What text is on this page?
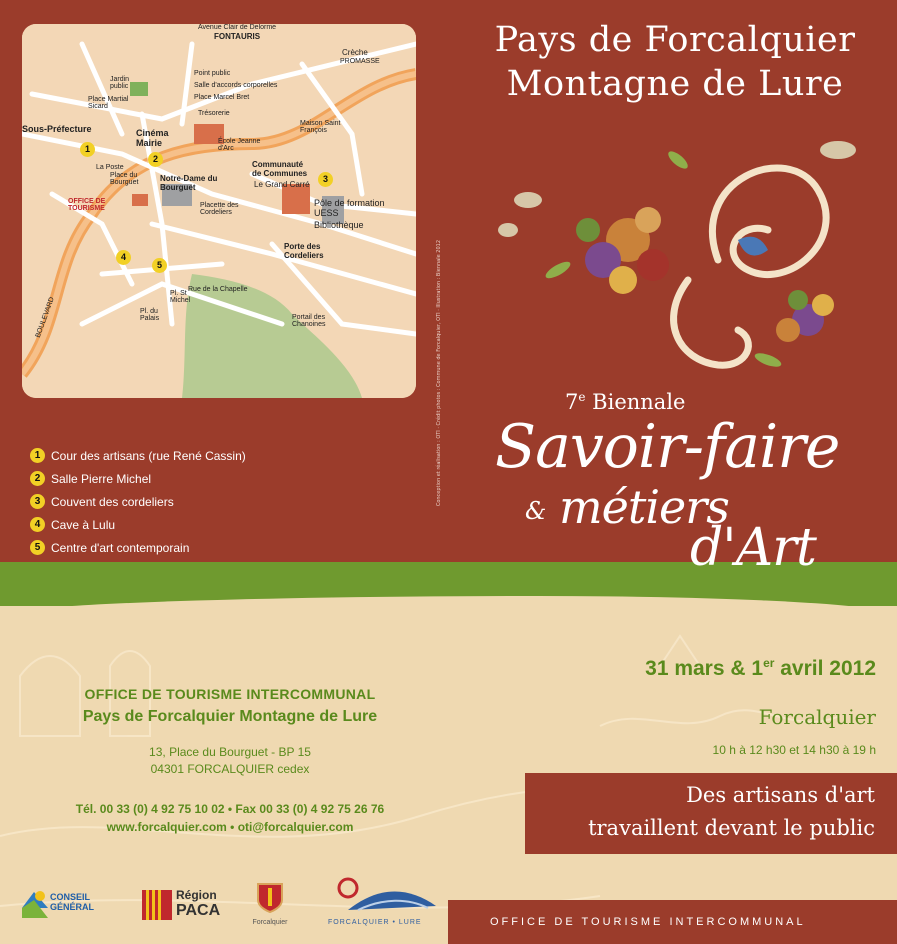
FONTAURIS
Avenue Clair de Delorme
Crèche
PROMASSE
Jardin public
Place Martial Sicard
Point public
Salle d'accords corporelles
Place Marcel Bret
Trésorerie
Sous-Préfecture	Cinéma
Mairie
Maison Saint François
École Jeanne d'Arc
Communauté de Communes
Le Grand Carré
Pôle de formation UESS
Bibliothèque
La Poste
Place du Bourguet	Notre-Dame du Bourguet
OFFICE DE TOURISME	Placette des Cordeliers
Porte des Cordeliers
Pl. St Michel
Pl. du Palais
BOULEVARD
Rue de la Chapelle
Portail des Chanoines
1
2
3
4
5
1 Cour des artisans (rue René Cassin)
2 Salle Pierre Michel
3 Couvent des cordeliers
4 Cave à Lulu
5 Centre d'art contemporain
Conception et réalisation : OTI · Crédit photos : Commune de Forcalquier, OTI · Illustration : Biennale 2012
Pays de Forcalquier
Montagne de Lure
7e Biennale
Savoir-faire
& métiers
d'Art
OFFICE DE TOURISME INTERCOMMUNAL
Pays de Forcalquier Montagne de Lure
13, Place du Bourguet - BP 15
04301 FORCALQUIER cedex
Tél. 00 33 (0) 4 92 75 10 02 • Fax 00 33 (0) 4 92 75 26 76
www.forcalquier.com • oti@forcalquier.com
31 mars & 1er avril 2012
Forcalquier
10 h à 12 h30 et 14 h30 à 19 h
Des artisans d'art
travaillent devant le public
CONSEIL GÉNÉRAL
Région
PACA
Forcalquier	FORCALQUIER • LURE	OFFICE DE TOURISME INTERCOMMUNAL
